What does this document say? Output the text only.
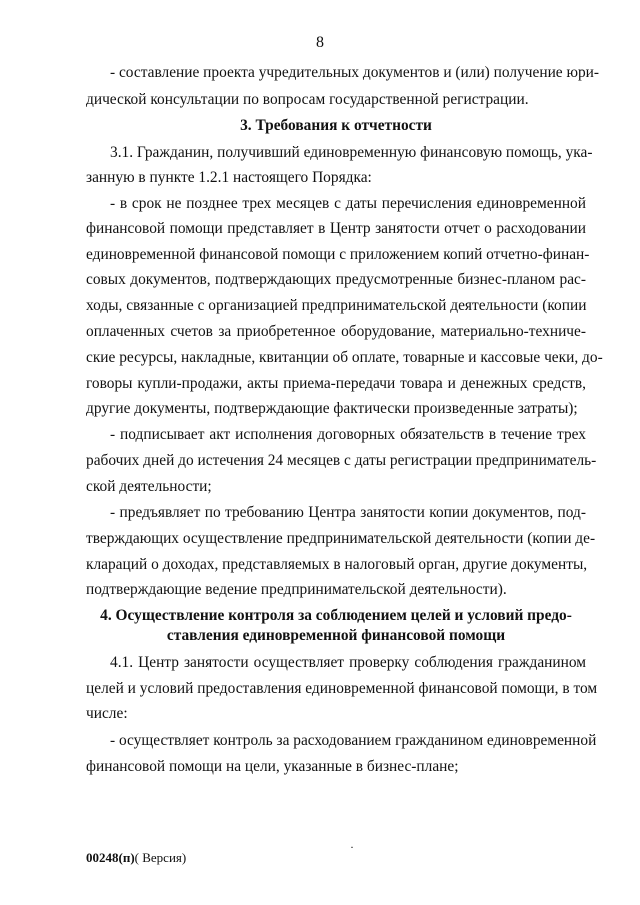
8
- составление проекта учредительных документов и (или) получение юри-
дической консультации по вопросам государственной регистрации.
3. Требования к отчетности
3.1. Гражданин, получивший единовременную финансовую помощь, ука-
занную в пункте 1.2.1 настоящего Порядка:
- в срок не позднее трех месяцев с даты перечисления единовременной
финансовой помощи представляет в Центр занятости отчет о расходовании
единовременной финансовой помощи с приложением копий отчетно-финан-
совых документов, подтверждающих предусмотренные бизнес-планом рас-
ходы, связанные с организацией предпринимательской деятельности (копии
оплаченных счетов за приобретенное оборудование, материально-техниче-
ские ресурсы, накладные, квитанции об оплате, товарные и кассовые чеки, до-
говоры купли-продажи, акты приема-передачи товара и денежных средств,
другие документы, подтверждающие фактически произведенные затраты);
- подписывает акт исполнения договорных обязательств в течение трех
рабочих дней до истечения 24 месяцев с даты регистрации предприниматель-
ской деятельности;
- предъявляет по требованию Центра занятости копии документов, под-
тверждающих осуществление предпринимательской деятельности (копии де-
клараций о доходах, представляемых в налоговый орган, другие документы,
подтверждающие ведение предпринимательской деятельности).
4. Осуществление контроля за соблюдением целей и условий предо-
ставления единовременной финансовой помощи
4.1. Центр занятости осуществляет проверку соблюдения гражданином
целей и условий предоставления единовременной финансовой помощи, в том
числе:
- осуществляет контроль за расходованием гражданином единовременной
финансовой помощи на цели, указанные в бизнес-плане;
·
00248(п)( Версия)
